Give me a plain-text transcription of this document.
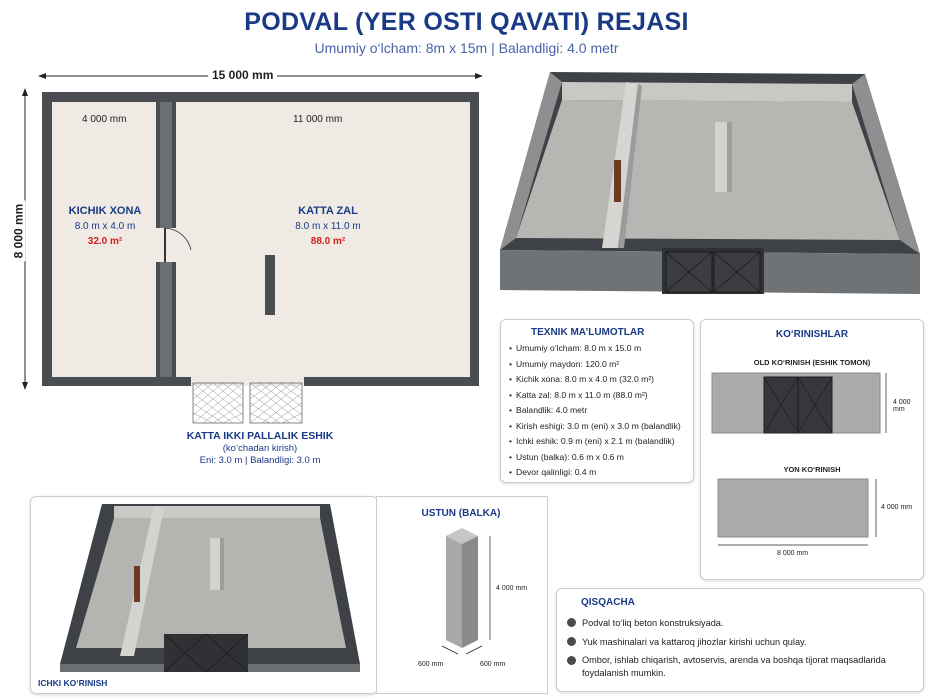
PODVAL (YER OSTI QAVATI) REJASI
Umumiy o‘lcham: 8m x 15m | Balandligi: 4.0 metr
15 000 mm
8 000 mm
4 000 mm	11 000 mm
KICHIK XONA
8.0 m x 4.0 m
32.0 m²
KATTA ZAL
8.0 m x 11.0 m
88.0 m²
KATTA IKKI PALLALIK ESHIK
(ko‘chadan kirish)
Eni: 3.0 m | Balandligi: 3.0 m
TEXNIK MA’LUMOTLAR
• Umumiy o‘lcham: 8.0 m x 15.0 m
• Umumiy maydon: 120.0 m²
• Kichik xona: 8.0 m x 4.0 m (32.0 m²)
• Katta zal: 8.0 m x 11.0 m (88.0 m²)
• Balandlik: 4.0 metr
• Kirish eshigi: 3.0 m (eni) x 3.0 m (balandlik)
• Ichki eshik: 0.9 m (eni) x 2.1 m (balandlik)
• Ustun (balka): 0.6 m x 0.6 m
• Devor qalinligi: 0.4 m
KO‘RINISHLAR
OLD KO‘RINISH (ESHIK TOMON)
YON KO‘RINISH
4 000 mm
4 000 mm
8 000 mm
ICHKI KO‘RINISH
USTUN (BALKA)
4 000 mm
600 mm	600 mm
QISQACHA
Podval to‘liq beton konstruksiyada.
Yuk mashinalari va kattaroq jihozlar kirishi uchun qulay.
Ombor, ishlab chiqarish, avtoservis, arenda va boshqa tijorat maqsadlarida foydalanish mumkin.
